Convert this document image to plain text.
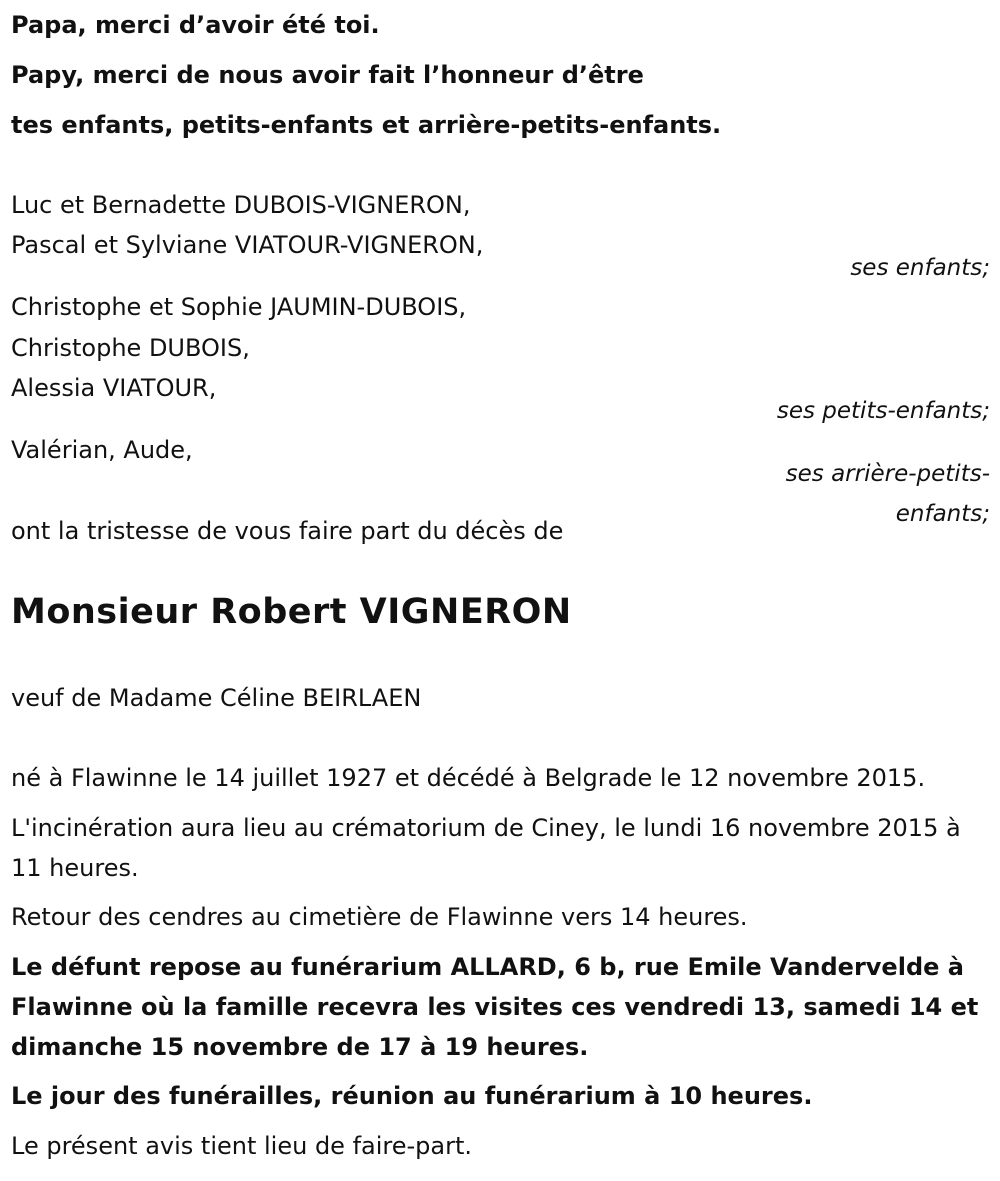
Papa, merci d’avoir été toi.
Papy, merci de nous avoir fait l’honneur d’être
tes enfants, petits-enfants et arrière-petits-enfants.
Luc et Bernadette DUBOIS-VIGNERON,
Pascal et Sylviane VIATOUR-VIGNERON,
ses enfants;
Christophe et Sophie JAUMIN-DUBOIS,
Christophe DUBOIS,
Alessia VIATOUR,
ses petits-enfants;
Valérian, Aude,
ses arrière-petits-
enfants;
ont la tristesse de vous faire part du décès de
Monsieur Robert VIGNERON
veuf de Madame Céline BEIRLAEN
né à Flawinne le 14 juillet 1927 et décédé à Belgrade le 12 novembre 2015.
L'incinération aura lieu au crématorium de Ciney, le lundi 16 novembre 2015 à 11 heures.
Retour des cendres au cimetière de Flawinne vers 14 heures.
Le défunt repose au funérarium ALLARD, 6 b, rue Emile Vandervelde à Flawinne où la famille recevra les visites ces vendredi 13, samedi 14 et dimanche 15 novembre de 17 à 19 heures.
Le jour des funérailles, réunion au funérarium à 10 heures.
Le présent avis tient lieu de faire-part.
